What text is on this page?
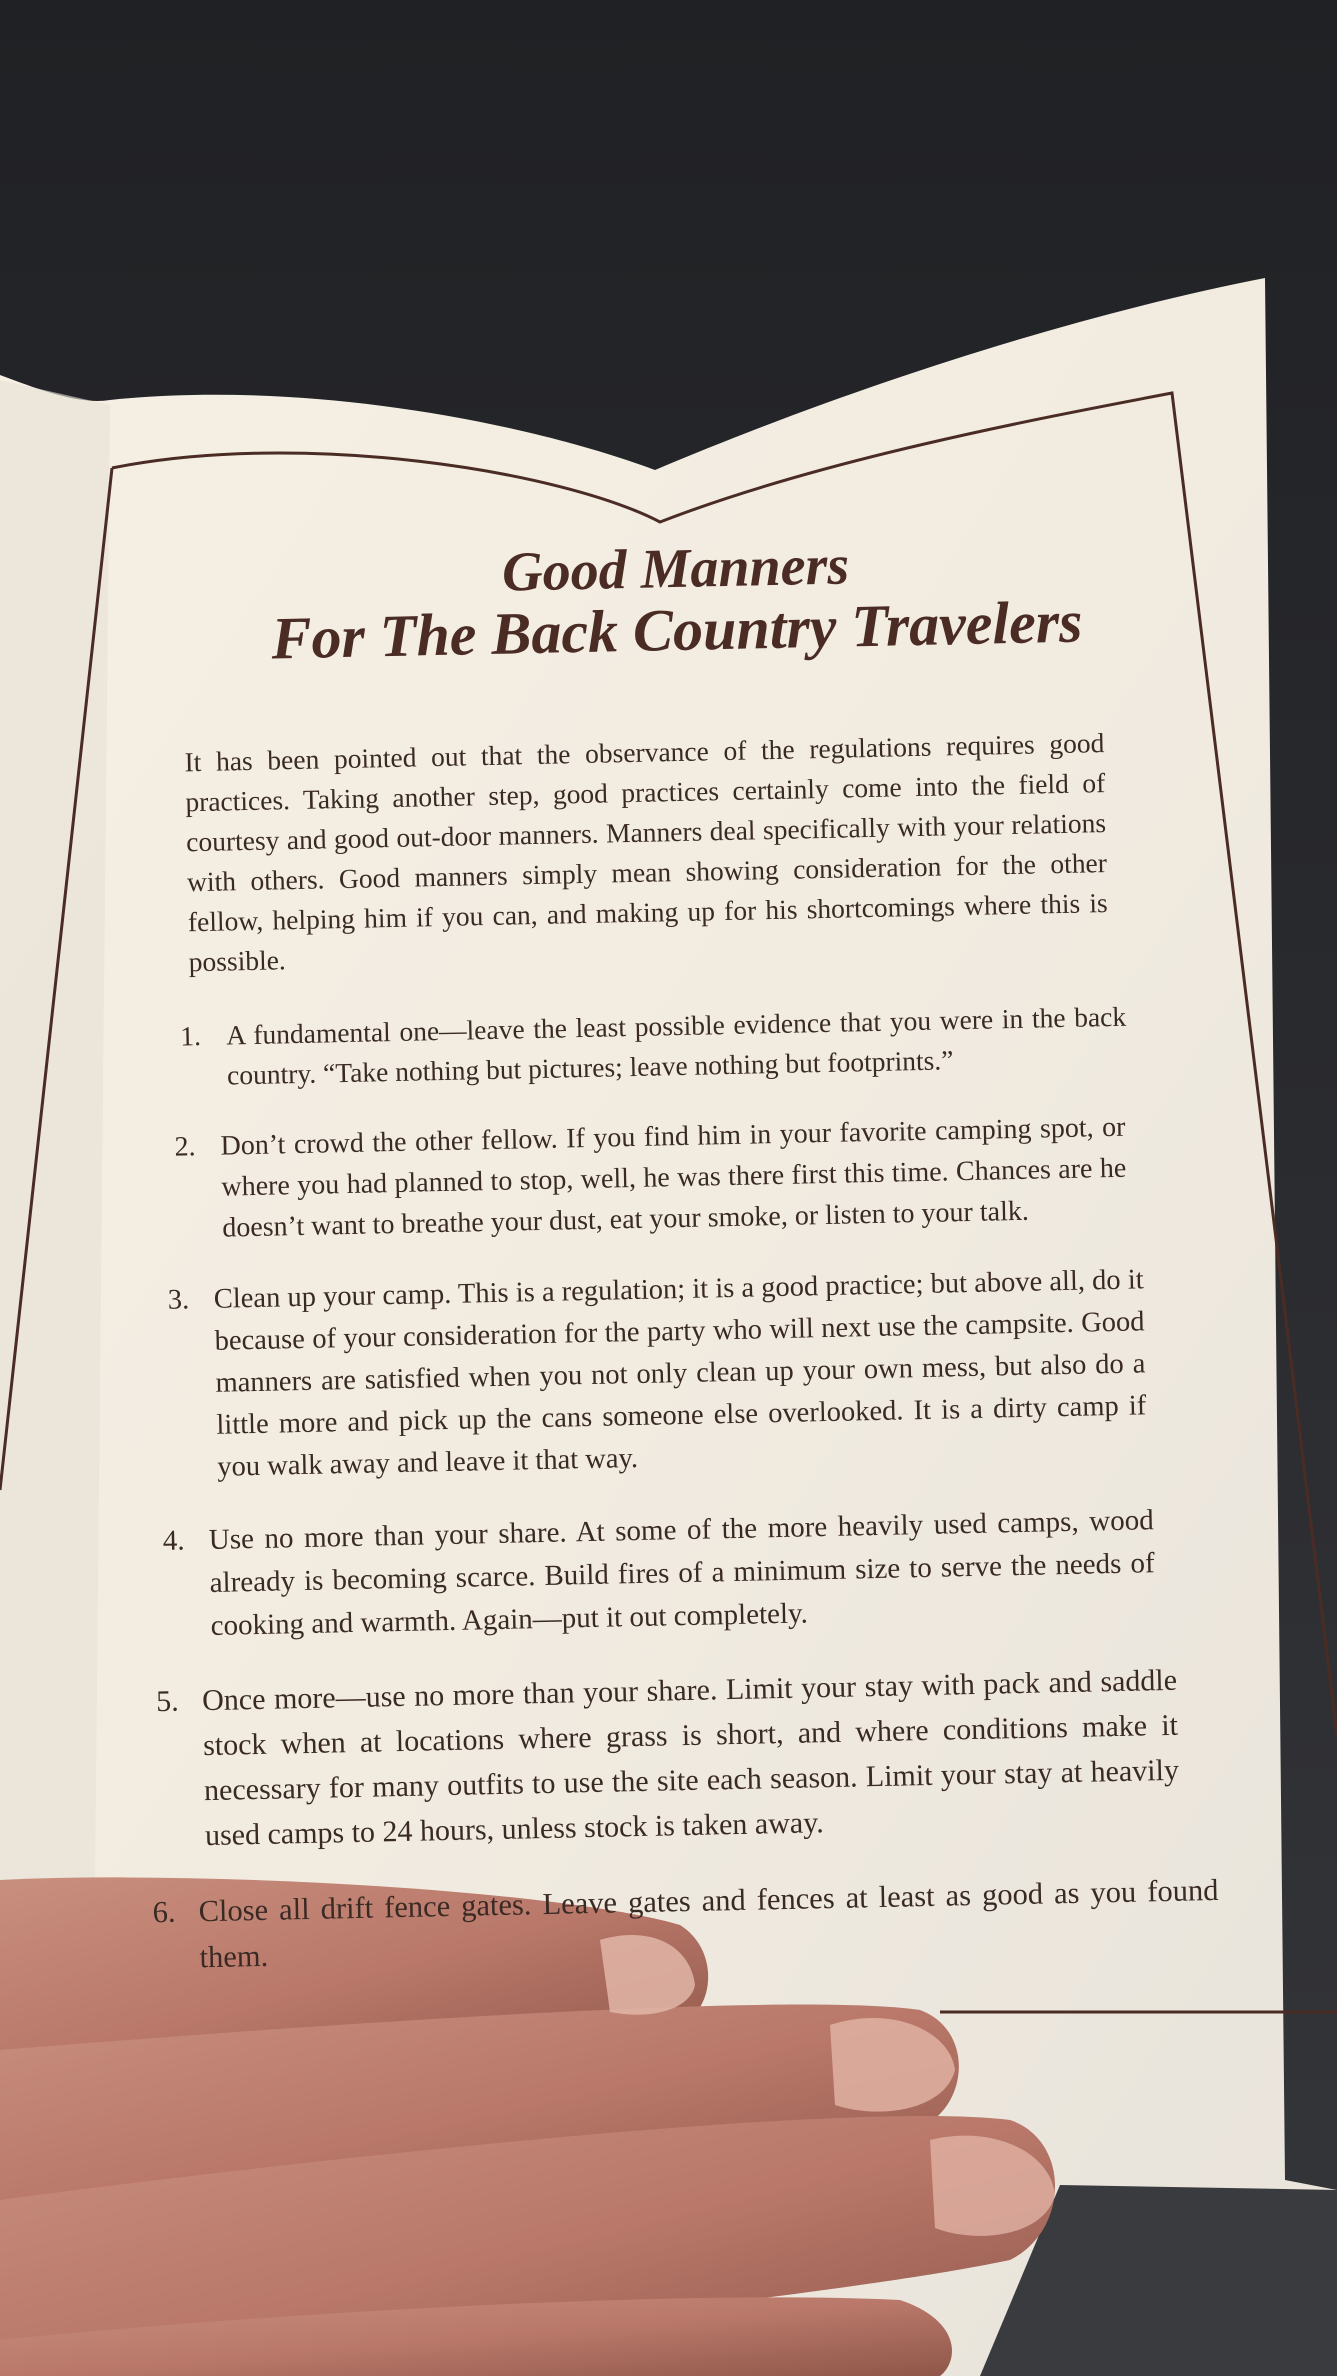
Good Manners
For The Back Country Travelers

It has been pointed out that the observance of the regulations requires good practices. Taking another step, good practices certainly come into the field of courtesy and good out-door manners. Manners deal specifically with your relations with others. Good manners simply mean showing consideration for the other fellow, helping him if you can, and making up for his shortcomings where this is possible.

1. A fundamental one—leave the least possible evidence that you were in the back country. “Take nothing but pictures; leave nothing but footprints.”
2. Don’t crowd the other fellow. If you find him in your favorite camping spot, or where you had planned to stop, well, he was there first this time. Chances are he doesn’t want to breathe your dust, eat your smoke, or listen to your talk.
3. Clean up your camp. This is a regulation; it is a good practice; but above all, do it because of your consideration for the party who will next use the campsite. Good manners are satisfied when you not only clean up your own mess, but also do a little more and pick up the cans someone else overlooked. It is a dirty camp if you walk away and leave it that way.
4. Use no more than your share. At some of the more heavily used camps, wood already is becoming scarce. Build fires of a minimum size to serve the needs of cooking and warmth. Again—put it out completely.
5. Once more—use no more than your share. Limit your stay with pack and saddle stock when at locations where grass is short, and where conditions make it necessary for many outfits to use the site each season. Limit your stay at heavily used camps to 24 hours, unless stock is taken away.
6. Close all drift fence gates. Leave gates and fences at least as good as you found them.
